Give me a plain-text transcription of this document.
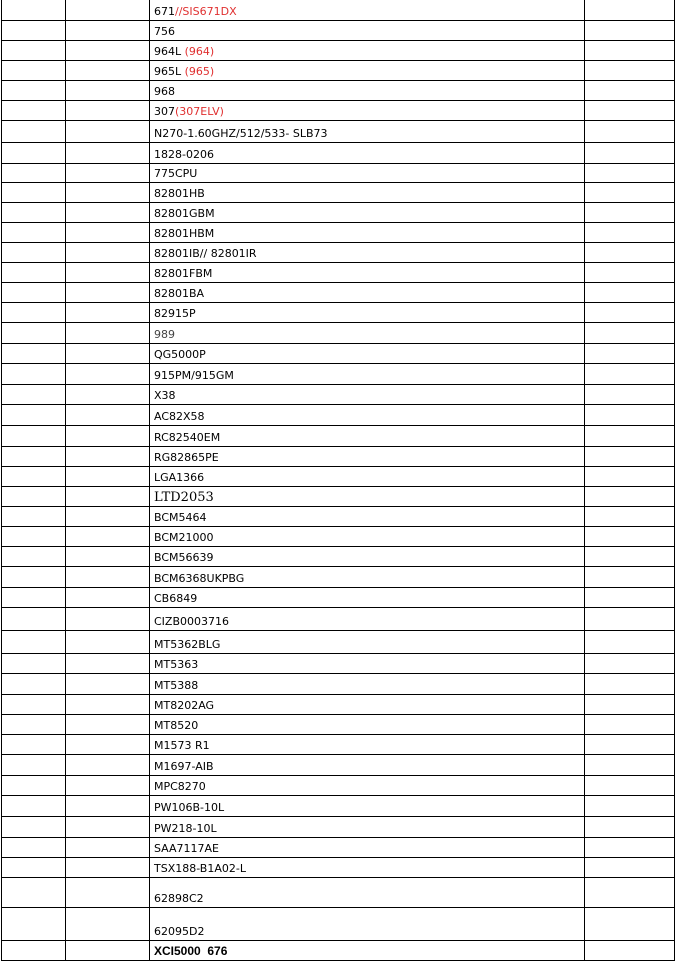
		671//SIS671DX	
		756	
		964L (964)	
		965L (965)	
		968	
		307(307ELV)	
		N270-1.60GHZ/512/533- SLB73	
		1828-0206	
		775CPU	
		82801HB	
		82801GBM	
		82801HBM	
		82801IB// 82801IR	
		82801FBM	
		82801BA	
		82915P	
		989	
		QG5000P	
		915PM/915GM	
		X38	
		AC82X58	
		RC82540EM	
		RG82865PE	
		LGA1366	
		LTD2053	
		BCM5464	
		BCM21000	
		BCM56639	
		BCM6368UKPBG	
		CB6849	
		CIZB0003716	
		MT5362BLG	
		MT5363	
		MT5388	
		MT8202AG	
		MT8520	
		M1573 R1	
		M1697-AIB	
		MPC8270	
		PW106B-10L	
		PW218-10L	
		SAA7117AE	
		TSX188-B1A02-L	
		62898C2	
		62095D2	
		XCI5000  676	
